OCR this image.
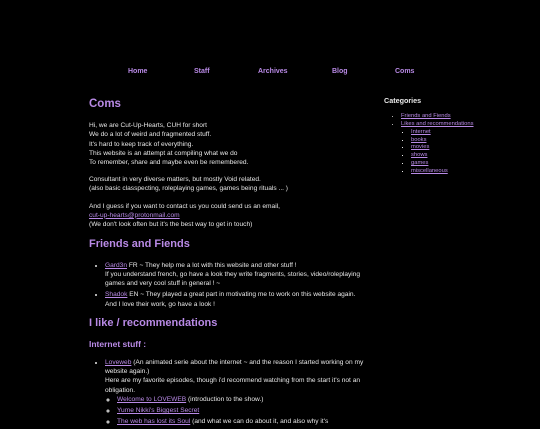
Home	Staff	Archives	Blog	Coms
Coms

Hi, we are Cut-Up-Hearts, CUH for short
We do a lot of weird and fragmented stuff.
It's hard to keep track of everything.
This website is an attempt at compiling what we do
To remember, share and maybe even be remembered.

Consultant in very diverse matters, but mostly Void related.
(also basic classpecting, roleplaying games, games being rituals ... )

And I guess if you want to contact us you could send us an email,
cut-up-hearts@protonmail.com
(We don't look often but it's the best way to get in touch)

Friends and Fiends
• Gard3n FR ~ They help me a lot with this website and other stuff !
If you understand french, go have a look they write fragments, stories, video/roleplaying games and very cool stuff in general ! ~
• Shadok EN ~ They played a great part in motivating me to work on this website again.
And I love their work, go have a look !
I like / recommendations
Internet stuff :
• Loveweb (An animated serie about the internet ~ and the reason I started working on my website again.)
Here are my favorite episodes, though i'd recommend watching from the start it's not an obligation.
◦ Welcome to LOVEWEB (introduction to the show.)
◦ Yume Nikki's Biggest Secret
◦ The web has lost its Soul (and what we can do about it, and also why it's
Categories
• Friends and Fiends
• Likes and recommendations
▪ Internet
▪ books
▪ movies
▪ shows
▪ games
▪ miscellaneous
